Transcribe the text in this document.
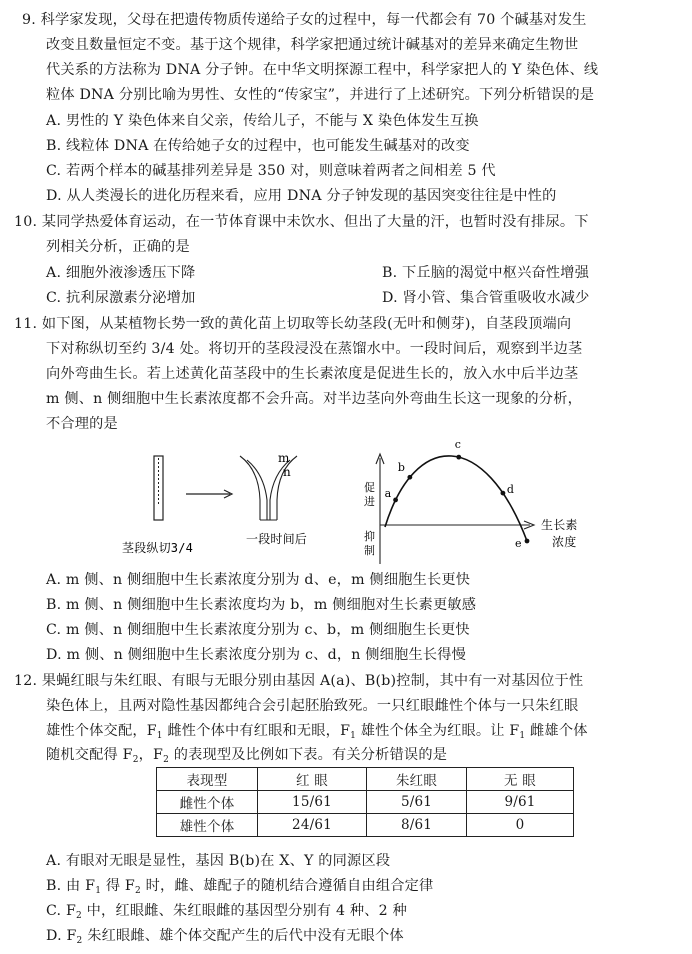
9. 科学家发现，父母在把遗传物质传递给子女的过程中，每一代都会有 70 个碱基对发生
改变且数量恒定不变。基于这个规律，科学家把通过统计碱基对的差异来确定生物世
代关系的方法称为 DNA 分子钟。在中华文明探源工程中，科学家把人的 Y 染色体、线
粒体 DNA 分别比喻为男性、女性的“传家宝”，并进行了上述研究。下列分析错误的是
A. 男性的 Y 染色体来自父亲，传给儿子，不能与 X 染色体发生互换
B. 线粒体 DNA 在传给她子女的过程中，也可能发生碱基对的改变
C. 若两个样本的碱基排列差异是 350 对，则意味着两者之间相差 5 代
D. 从人类漫长的进化历程来看，应用 DNA 分子钟发现的基因突变往往是中性的
10. 某同学热爱体育运动，在一节体育课中未饮水、但出了大量的汗，也暂时没有排尿。下
列相关分析，正确的是
A. 细胞外液渗透压下降	B. 下丘脑的渴觉中枢兴奋性增强
C. 抗利尿激素分泌增加	D. 肾小管、集合管重吸收水减少
11. 如下图，从某植物长势一致的黄化苗上切取等长幼茎段(无叶和侧芽)，自茎段顶端向
下对称纵切至约 3/4 处。将切开的茎段浸没在蒸馏水中。一段时间后，观察到半边茎
向外弯曲生长。若上述黄化苗茎段中的生长素浓度是促进生长的，放入水中后半边茎
m 侧、n 侧细胞中生长素浓度都不会升高。对半边茎向外弯曲生长这一现象的分析，
不合理的是
茎段纵切3/4
m
n
一段时间后
a
b
c
d
e
促
进
抑
制
生长素
浓度
A. m 侧、n 侧细胞中生长素浓度分别为 d、e，m 侧细胞生长更快
B. m 侧、n 侧细胞中生长素浓度均为 b，m 侧细胞对生长素更敏感
C. m 侧、n 侧细胞中生长素浓度分别为 c、b，m 侧细胞生长更快
D. m 侧、n 侧细胞中生长素浓度分别为 c、d，n 侧细胞生长得慢
12. 果蝇红眼与朱红眼、有眼与无眼分别由基因 A(a)、B(b)控制，其中有一对基因位于性
染色体上，且两对隐性基因都纯合会引起胚胎致死。一只红眼雌性个体与一只朱红眼
雄性个体交配，$F_1$ 雌性个体中有红眼和无眼，$F_1$ 雄性个体全为红眼。让 $F_1$ 雌雄个体
随机交配得 $F_2$，$F_2$ 的表现型及比例如下表。有关分析错误的是
表现型	红 眼	朱红眼	无 眼
雌性个体	15/61	5/61	9/61
雄性个体	24/61	8/61	0
A. 有眼对无眼是显性，基因 B(b)在 X、Y 的同源区段
B. 由 $F_1$ 得 $F_2$ 时，雌、雄配子的随机结合遵循自由组合定律
C. $F_2$ 中，红眼雌、朱红眼雌的基因型分别有 4 种、2 种
D. $F_2$ 朱红眼雌、雄个体交配产生的后代中没有无眼个体
